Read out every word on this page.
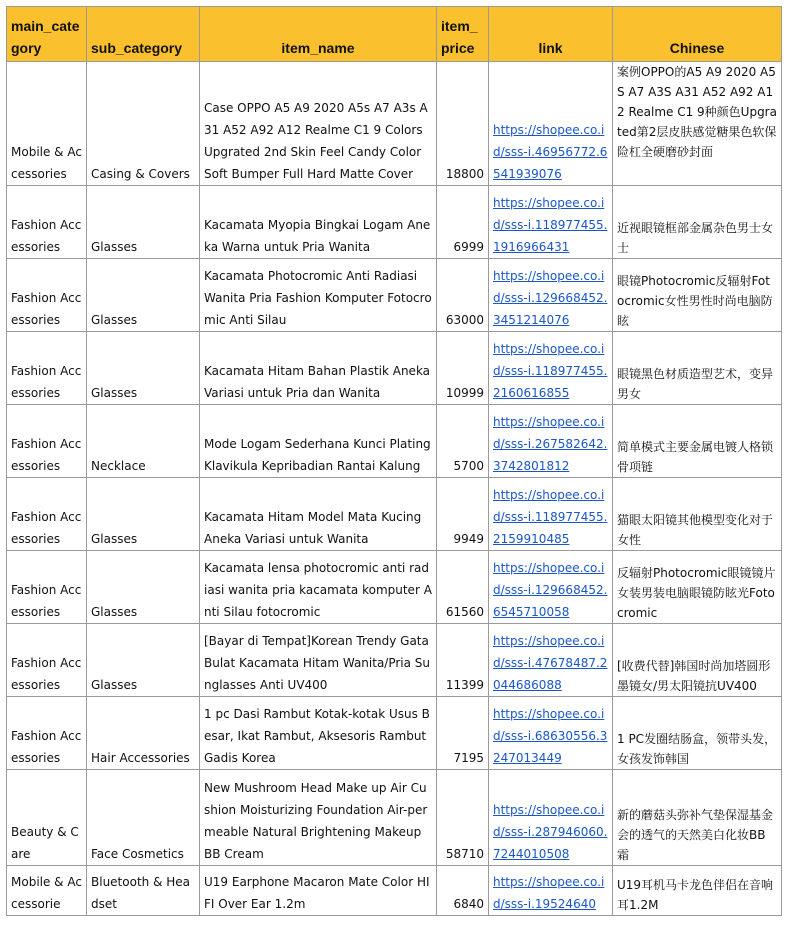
main_category	sub_category	item_name	item_price	link	Chinese
Mobile & Accessories	Casing & Covers	Case OPPO A5 A9 2020 A5s A7 A3s A31 A52 A92 A12 Realme C1 9 Colors Upgrated 2nd Skin Feel Candy Color Soft Bumper Full Hard Matte Cover	18800	https://shopee.co.id/sss-i.46956772.6541939076	案例OPPO的A5 A9 2020 A5S A7 A3S A31 A52 A92 A12 Realme C1 9种颜色Upgrated第2层皮肤感觉糖果色软保险杠全硬磨砂封面
Fashion Accessories	Glasses	Kacamata Myopia Bingkai Logam Aneka Warna untuk Pria Wanita	6999	https://shopee.co.id/sss-i.118977455.1916966431	近视眼镜框部金属杂色男士女士
Fashion Accessories	Glasses	Kacamata Photocromic Anti Radiasi Wanita Pria Fashion Komputer Fotocromic Anti Silau	63000	https://shopee.co.id/sss-i.129668452.3451214076	眼镜Photocromic反辐射Fotocromic女性男性时尚电脑防眩
Fashion Accessories	Glasses	Kacamata Hitam Bahan Plastik Aneka Variasi untuk Pria dan Wanita	10999	https://shopee.co.id/sss-i.118977455.2160616855	眼镜黑色材质造型艺术，变异男女
Fashion Accessories	Necklace	Mode Logam Sederhana Kunci Plating Klavikula Kepribadian Rantai Kalung	5700	https://shopee.co.id/sss-i.267582642.3742801812	简单模式主要金属电镀人格锁骨项链
Fashion Accessories	Glasses	Kacamata Hitam Model Mata Kucing Aneka Variasi untuk Wanita	9949	https://shopee.co.id/sss-i.118977455.2159910485	猫眼太阳镜其他模型变化对于女性
Fashion Accessories	Glasses	Kacamata lensa photocromic anti radiasi wanita pria kacamata komputer Anti Silau fotocromic	61560	https://shopee.co.id/sss-i.129668452.6545710058	反辐射Photocromic眼镜镜片女装男装电脑眼镜防眩光Fotocromic
Fashion Accessories	Glasses	[Bayar di Tempat]Korean Trendy Gata Bulat Kacamata Hitam Wanita/Pria Sunglasses Anti UV400	11399	https://shopee.co.id/sss-i.47678487.2044686088	[收费代替]韩国时尚加塔圆形墨镜女/男太阳镜抗UV400
Fashion Accessories	Hair Accessories	1 pc Dasi Rambut Kotak-kotak Usus Besar, Ikat Rambut, Aksesoris Rambut Gadis Korea	7195	https://shopee.co.id/sss-i.68630556.3247013449	1 PC发圈结肠盒，领带头发，女孩发饰韩国
Beauty & Care	Face Cosmetics	New Mushroom Head Make up Air Cushion Moisturizing Foundation Air-permeable Natural Brightening Makeup BB Cream	58710	https://shopee.co.id/sss-i.287946060.7244010508	新的蘑菇头弥补气垫保湿基金会的透气的天然美白化妆BB霜
Mobile & Accessorie	Bluetooth & Headset	U19 Earphone Macaron Mate Color HIFI Over Ear 1.2m	6840	https://shopee.co.id/sss-i.19524640	U19耳机马卡龙色伴侣在音响耳1.2M
